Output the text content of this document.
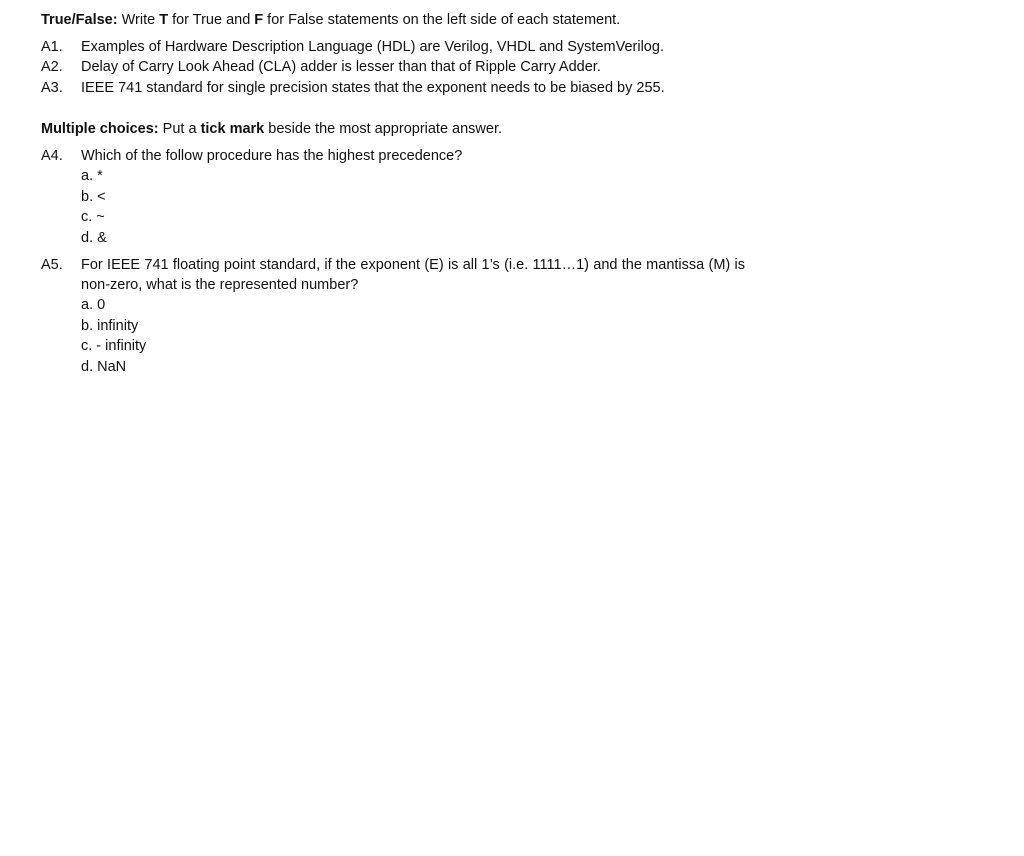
True/False: Write T for True and F for False statements on the left side of each statement.
A1.	Examples of Hardware Description Language (HDL) are Verilog, VHDL and SystemVerilog.
A2.	Delay of Carry Look Ahead (CLA) adder is lesser than that of Ripple Carry Adder.
A3.	IEEE 741 standard for single precision states that the exponent needs to be biased by 255.
Multiple choices: Put a tick mark beside the most appropriate answer.
A4.	Which of the follow procedure has the highest precedence?
a. *
b. <
c. ~
d. &
A5.	For IEEE 741 floating point standard, if the exponent (E) is all 1’s (i.e. 1111…1) and the mantissa (M) is non-zero, what is the represented number?
a. 0
b. infinity
c. - infinity
d. NaN
